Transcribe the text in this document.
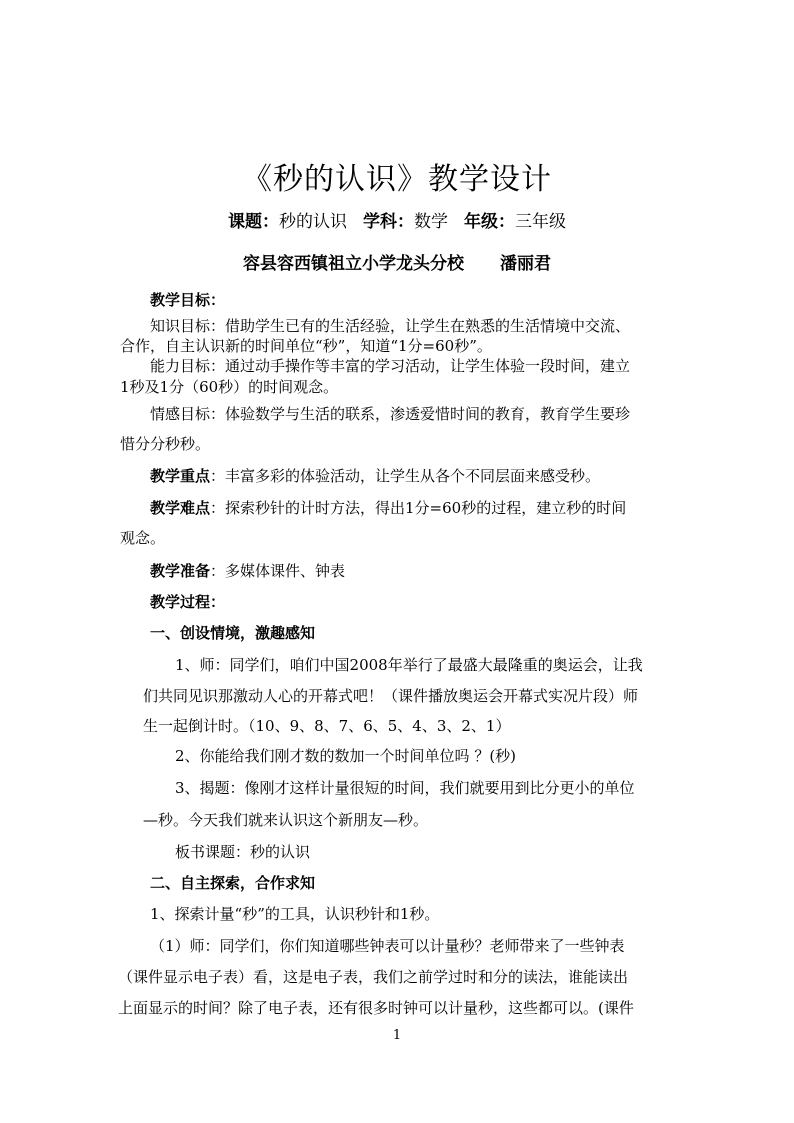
《秒的认识》教学设计
课题：秒的认识 学科：数学 年级：三年级
容县容西镇祖立小学龙头分校 潘丽君
教学目标：
知识目标：借助学生已有的生活经验，让学生在熟悉的生活情境中交流、
合作，自主认识新的时间单位“秒”，知道“1分=60秒”。
能力目标：通过动手操作等丰富的学习活动，让学生体验一段时间，建立
1秒及1分（60秒）的时间观念。
情感目标：体验数学与生活的联系，渗透爱惜时间的教育，教育学生要珍
惜分分秒秒。
教学重点：丰富多彩的体验活动，让学生从各个不同层面来感受秒。
教学难点：探索秒针的计时方法，得出1分=60秒的过程，建立秒的时间
观念。
教学准备：多媒体课件、钟表
教学过程：
一、创设情境，激趣感知
1、师：同学们，咱们中国2008年举行了最盛大最隆重的奥运会，让我
们共同见识那激动人心的开幕式吧！（课件播放奥运会开幕式实况片段）师
生一起倒计时。（10、9、8、7、6、5、4、3、2、1）
2、你能给我们刚才数的数加一个时间单位吗 ？(秒)
3、揭题：像刚才这样计量很短的时间，我们就要用到比分更小的单位
—秒。今天我们就来认识这个新朋友—秒。
板书课题：秒的认识
二、自主探索，合作求知
1、探索计量“秒”的工具，认识秒针和1秒。
（1）师：同学们，你们知道哪些钟表可以计量秒？老师带来了一些钟表
（课件显示电子表）看，这是电子表，我们之前学过时和分的读法，谁能读出
上面显示的时间？除了电子表，还有很多时钟可以计量秒，这些都可以。(课件
1
